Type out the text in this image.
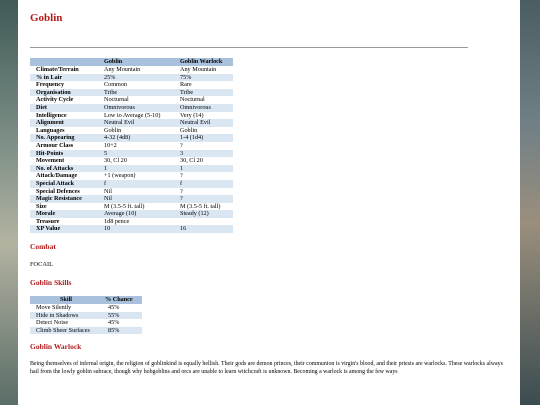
Goblin
	Goblin	Goblin Warlock
Climate/Terrain	Any Mountain	Any Mountain
% in Lair	25%	75%
Frequency	Common	Rare
Organisation	Tribe	Tribe
Activity Cycle	Nocturnal	Nocturnal
Diet	Omnivorous	Omnivorous
Intelligence	Low to Average (5-10)	Very (14)
Alignment	Neutral Evil	Neutral Evil
Languages	Goblin	Goblin
No. Appearing	4-32 (4d8)	1-4 (1d4)
Armour Class	10+2	?
Hit-Points	5	3
Movement	30, Cl 20	30, Cl 20
No. of Attacks	1	1
Attack/Damage	+1 (weapon)	?
Special Attack	f	f
Special Defences	Nil	?
Magic Resistance	Nil	?
Size	M (3.5-5 ft. tall)	M (3.5-5 ft. tall)
Morale	Average (10)	Steady (12)
Treasure	1d8 pence	
XP Value	10	16
Combat
FOCAIL
Goblin Skills
Skill	% Chance
Move Silently	45%
Hide in Shadows	55%
Detect Noise	45%
Climb Sheer Surfaces	85%
Goblin Warlock

Being themselves of infernal origin, the religion of goblinkind is equally hellish. Their gods are demon princes, their communion is virgin's blood, and their priests are warlocks. These warlocks always hail from the lowly goblin subrace, though why hobgoblins and orcs are unable to learn witchcraft is unknown. Becoming a warlock is among the few ways
